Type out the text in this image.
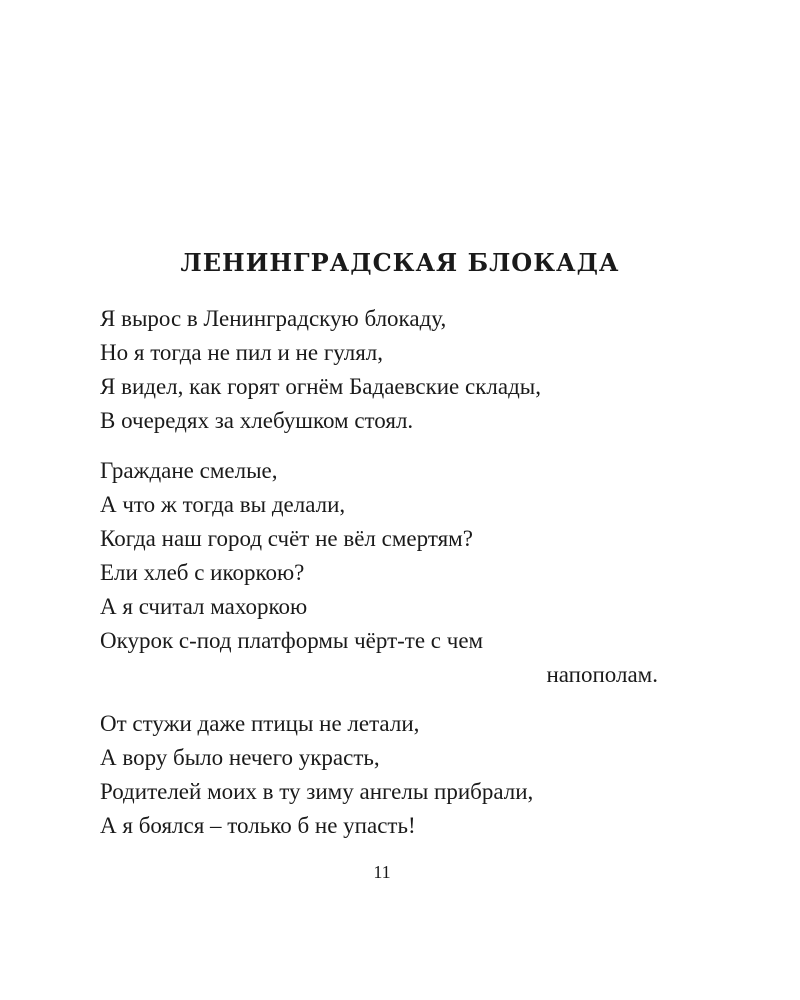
ЛЕНИНГРАДСКАЯ БЛОКАДА
Я вырос в Ленинградскую блокаду,
Но я тогда не пил и не гулял,
Я видел, как горят огнём Бадаевские склады,
В очередях за хлебушком стоял.
Граждане смелые,
А что ж тогда вы делали,
Когда наш город счёт не вёл смертям?
Ели хлеб с икоркою?
А я считал махоркою
Окурок с-под платформы чёрт-те с чем
напополам.
От стужи даже птицы не летали,
А вору было нечего украсть,
Родителей моих в ту зиму ангелы прибрали,
А я боялся – только б не упасть!
11
